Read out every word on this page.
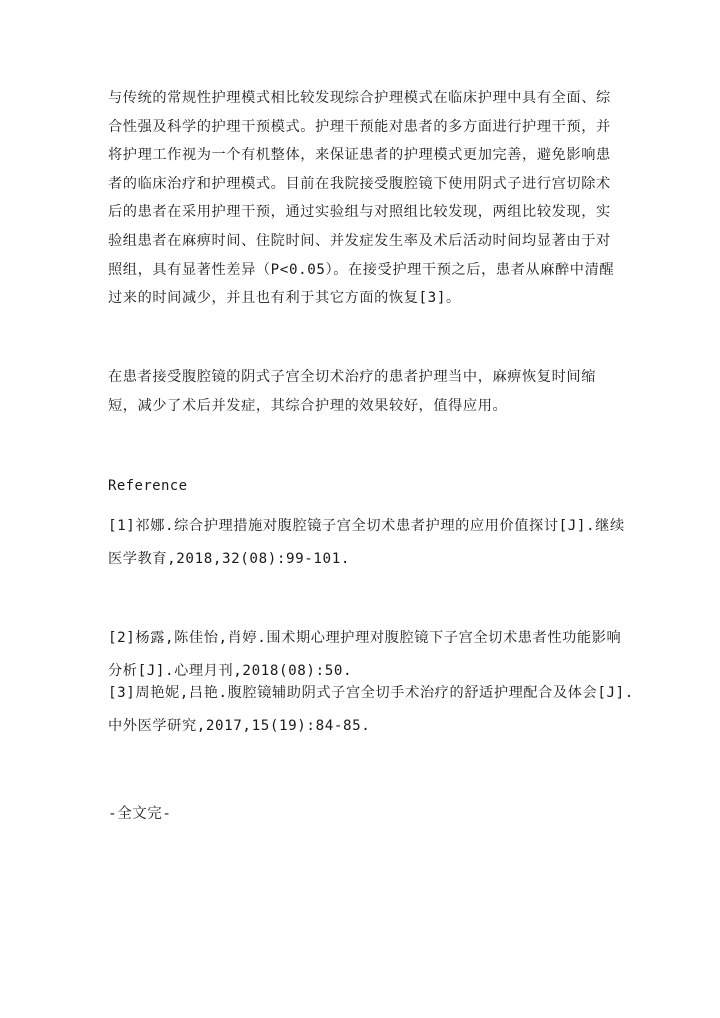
与传统的常规性护理模式相比较发现综合护理模式在临床护理中具有全面、综
合性强及科学的护理干预模式。护理干预能对患者的多方面进行护理干预，并
将护理工作视为一个有机整体，来保证患者的护理模式更加完善，避免影响患
者的临床治疗和护理模式。目前在我院接受腹腔镜下使用阴式子进行宫切除术
后的患者在采用护理干预，通过实验组与对照组比较发现，两组比较发现，实
验组患者在麻痹时间、住院时间、并发症发生率及术后活动时间均显著由于对
照组，具有显著性差异（P<0.05）。在接受护理干预之后，患者从麻醉中清醒
过来的时间减少，并且也有利于其它方面的恢复[3]。
在患者接受腹腔镜的阴式子宫全切术治疗的患者护理当中，麻痹恢复时间缩
短，减少了术后并发症，其综合护理的效果较好，值得应用。
Reference
[1]祁娜.综合护理措施对腹腔镜子宫全切术患者护理的应用价值探讨[J].继续
医学教育,2018,32(08):99-101.
[2]杨露,陈佳怡,肖婷.围术期心理护理对腹腔镜下子宫全切术患者性功能影响
分析[J].心理月刊,2018(08):50.
[3]周艳妮,吕艳.腹腔镜辅助阴式子宫全切手术治疗的舒适护理配合及体会[J].
中外医学研究,2017,15(19):84-85.
-全文完-
